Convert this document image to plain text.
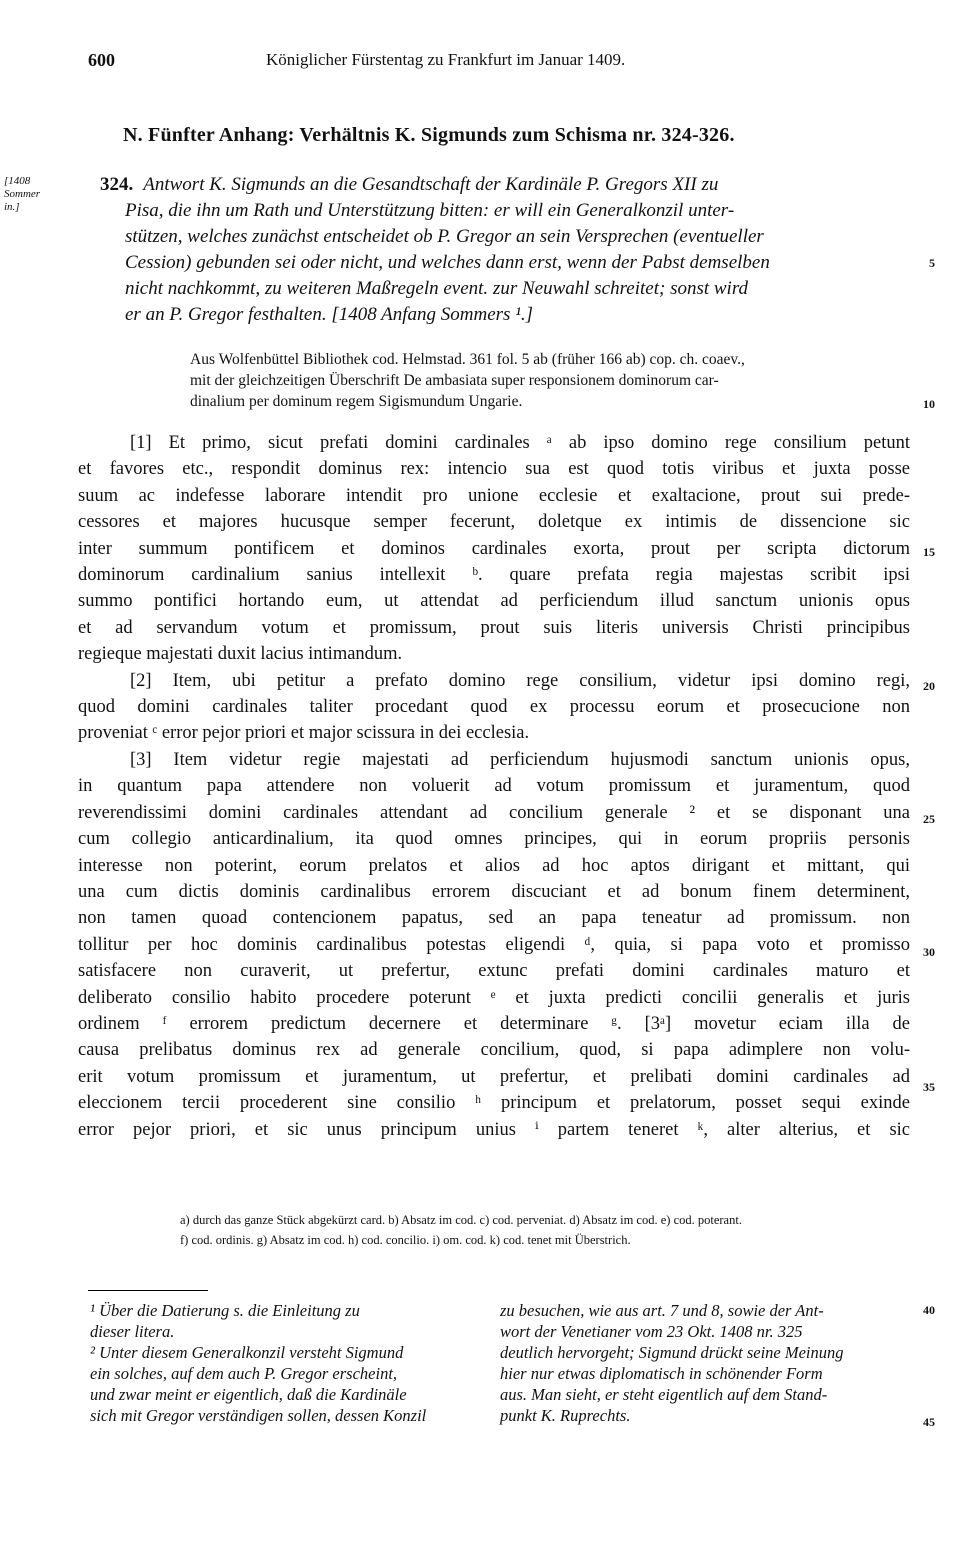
600	Königlicher Fürstentag zu Frankfurt im Januar 1409.
N. Fünfter Anhang: Verhältnis K. Sigmunds zum Schisma nr. 324-326.
[1408
Sommer
in.]
324. Antwort K. Sigmunds an die Gesandtschaft der Kardinäle P. Gregors XII zu
Pisa, die ihn um Rath und Unterstützung bitten: er will ein Generalkonzil unter-
stützen, welches zunächst entscheidet ob P. Gregor an sein Versprechen (eventueller
Cession) gebunden sei oder nicht, und welches dann erst, wenn der Pabst demselben
nicht nachkommt, zu weiteren Maßregeln event. zur Neuwahl schreitet; sonst wird
er an P. Gregor festhalten. [1408 Anfang Sommers ¹.]
5
Aus Wolfenbüttel Bibliothek cod. Helmstad. 361 fol. 5 ab (früher 166 ab) cop. ch. coaev.,
mit der gleichzeitigen Überschrift De ambasiata super responsionem dominorum car-
dinalium per dominum regem Sigismundum Ungarie.	10
[1] Et primo, sicut prefati domini cardinales ᵃ ab ipso domino rege consilium petunt
et favores etc., respondit dominus rex: intencio sua est quod totis viribus et juxta posse
suum ac indefesse laborare intendit pro unione ecclesie et exaltacione, prout sui prede-
cessores et majores hucusque semper fecerunt, doletque ex intimis de dissencione sic
inter summum pontificem et dominos cardinales exorta, prout per scripta dictorum
dominorum cardinalium sanius intellexit ᵇ. quare prefata regia majestas scribit ipsi
summo pontifici hortando eum, ut attendat ad perficiendum illud sanctum unionis opus
et ad servandum votum et promissum, prout suis literis universis Christi principibus
regieque majestati duxit lacius intimandum.
[2] Item, ubi petitur a prefato domino rege consilium, videtur ipsi domino regi,
quod domini cardinales taliter procedant quod ex processu eorum et prosecucione non
proveniat ᶜ error pejor priori et major scissura in dei ecclesia.
[3] Item videtur regie majestati ad perficiendum hujusmodi sanctum unionis opus,
in quantum papa attendere non voluerit ad votum promissum et juramentum, quod
reverendissimi domini cardinales attendant ad concilium generale ² et se disponant una
cum collegio anticardinalium, ita quod omnes principes, qui in eorum propriis personis
interesse non poterint, eorum prelatos et alios ad hoc aptos dirigant et mittant, qui
una cum dictis dominis cardinalibus errorem discuciant et ad bonum finem determinent,
non tamen quoad contencionem papatus, sed an papa teneatur ad promissum. non
tollitur per hoc dominis cardinalibus potestas eligendi ᵈ, quia, si papa voto et promisso
satisfacere non curaverit, ut prefertur, extunc prefati domini cardinales maturo et
deliberato consilio habito procedere poterunt ᵉ et juxta predicti concilii generalis et juris
ordinem ᶠ errorem predictum decernere et determinare ᵍ. [3ᵃ] movetur eciam illa de
causa prelibatus dominus rex ad generale concilium, quod, si papa adimplere non volu-
erit votum promissum et juramentum, ut prefertur, et prelibati domini cardinales ad
eleccionem tercii procederent sine consilio ʰ principum et prelatorum, posset sequi exinde
error pejor priori, et sic unus principum unius ⁱ partem teneret ᵏ, alter alterius, et sic
15
20
25
30
35
a) durch das ganze Stück abgekürzt card. b) Absatz im cod. c) cod. perveniat. d) Absatz im cod. e) cod. poterant.
f) cod. ordinis. g) Absatz im cod. h) cod. concilio. i) om. cod. k) cod. tenet mit Überstrich.
¹ Über die Datierung s. die Einleitung zu
dieser litera.
² Unter diesem Generalkonzil versteht Sigmund
ein solches, auf dem auch P. Gregor erscheint,
und zwar meint er eigentlich, daß die Kardinäle
sich mit Gregor verständigen sollen, dessen Konzil
zu besuchen, wie aus art. 7 und 8, sowie der Ant-
wort der Venetianer vom 23 Okt. 1408 nr. 325
deutlich hervorgeht; Sigmund drückt seine Meinung
hier nur etwas diplomatisch in schönender Form
aus. Man sieht, er steht eigentlich auf dem Stand-
punkt K. Ruprechts.
40
45
